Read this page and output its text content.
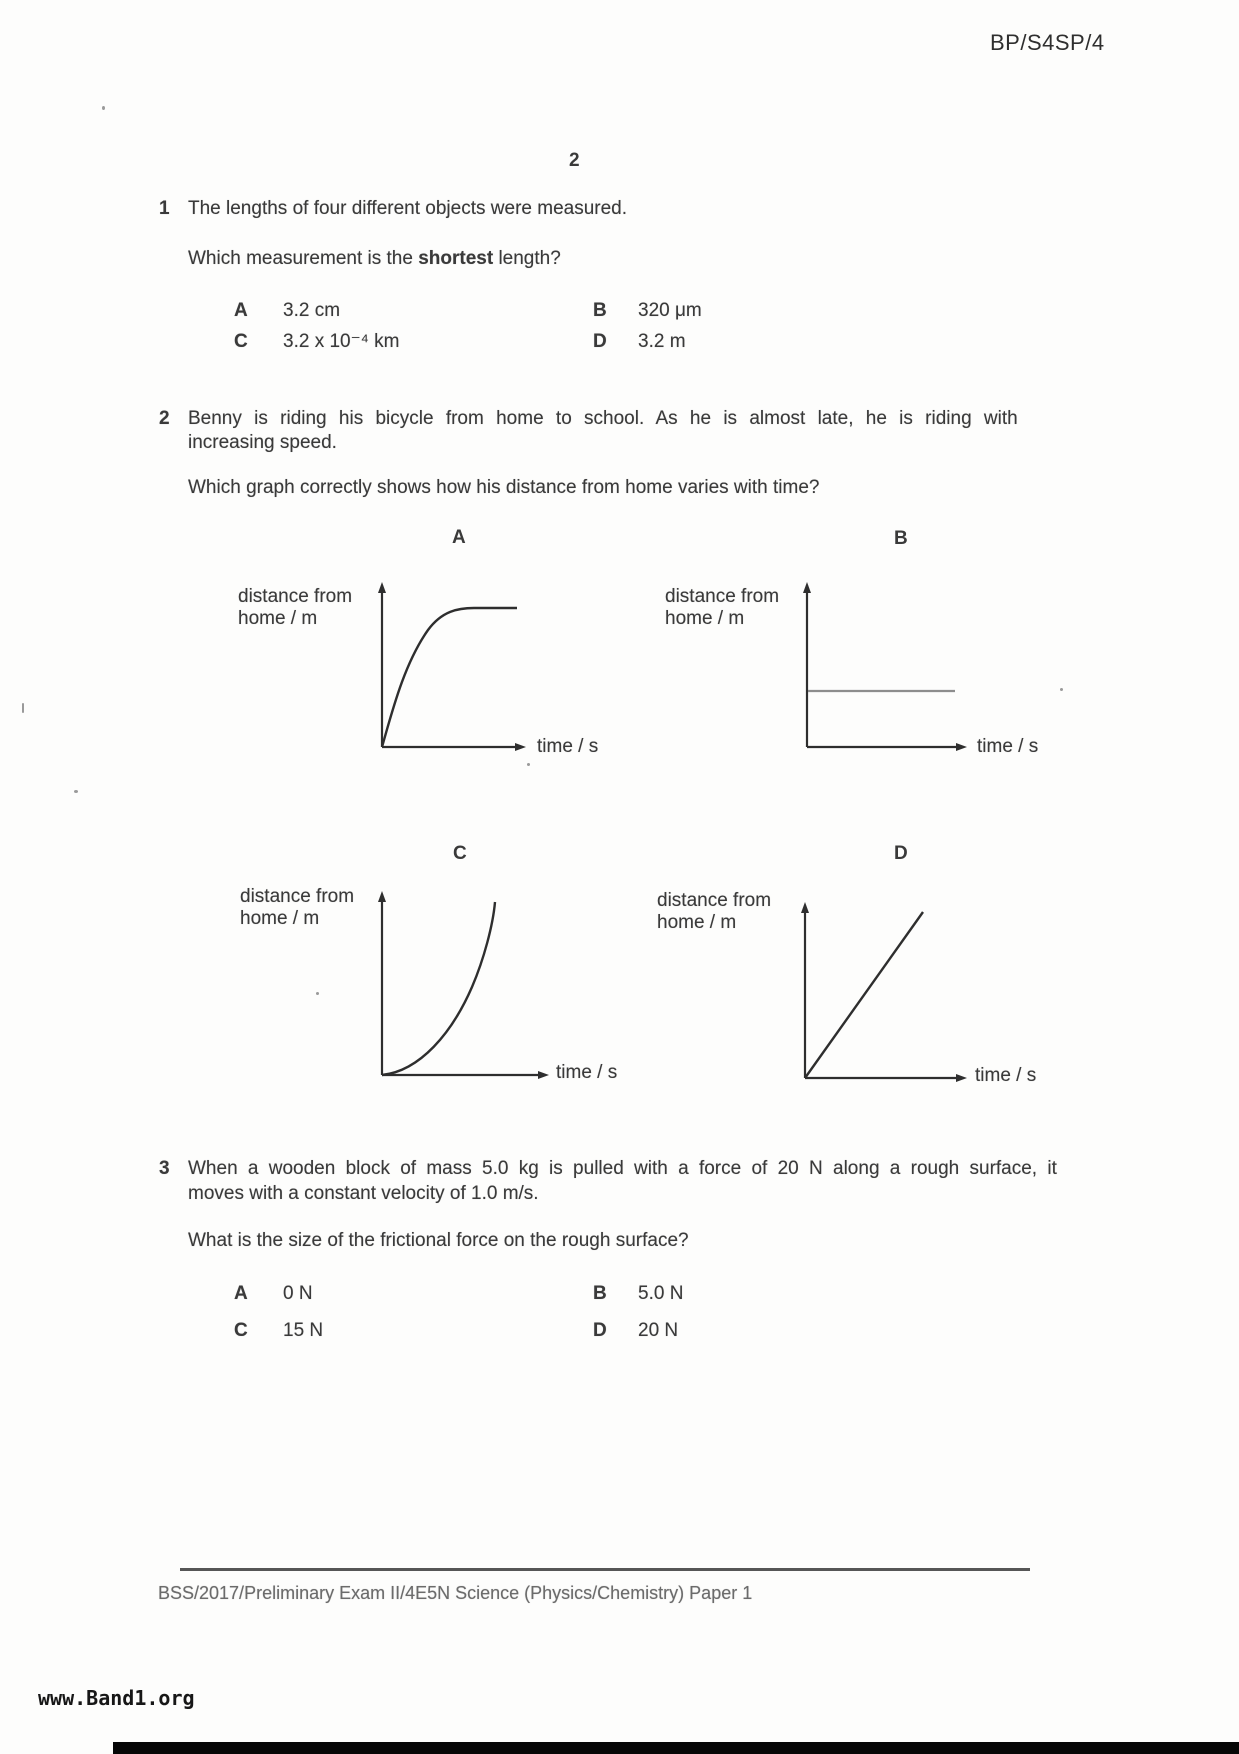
BP/S4SP/4
2
1 The lengths of four different objects were measured.
Which measurement is the shortest length?
A 3.2 cm	B 320 μm
C 3.2 x 10⁻⁴ km	D 3.2 m
2 Benny is riding his bicycle from home to school. As he is almost late, he is riding with
increasing speed.
Which graph correctly shows how his distance from home varies with time?
A
distance from
home / m
time / s
B
distance from
home / m
time / s
C
distance from
home / m
time / s
D
distance from
home / m
time / s
3 When a wooden block of mass 5.0 kg is pulled with a force of 20 N along a rough surface, it
moves with a constant velocity of 1.0 m/s.
What is the size of the frictional force on the rough surface?
A 0 N	B 5.0 N
C 15 N	D 20 N
BSS/2017/Preliminary Exam II/4E5N Science (Physics/Chemistry) Paper 1
www.Band1.org
